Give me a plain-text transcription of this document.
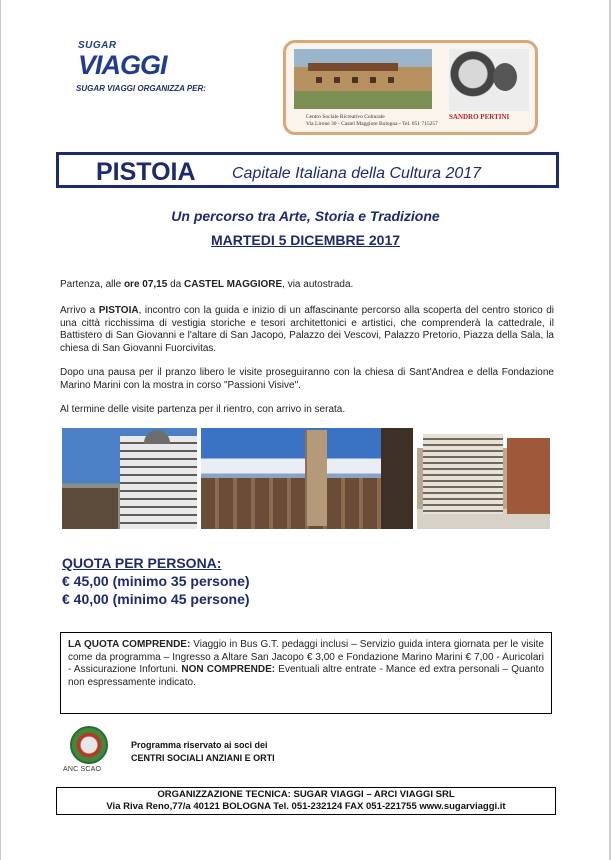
SUGAR
VIAGGI
SUGAR VIAGGI ORGANIZZA PER:
Centro Sociale Ricreativo Culturale
Via Lirone 30 - Castel Maggiore Bologna - Tel. 051 715257
SANDRO PERTINI
PISTOIA Capitale Italiana della Cultura 2017
Un percorso tra Arte, Storia e Tradizione
MARTEDI 5 DICEMBRE 2017
Partenza, alle ore 07,15 da CASTEL MAGGIORE, via autostrada.
Arrivo a PISTOIA, incontro con la guida e inizio di un affascinante percorso alla scoperta del centro storico di una città ricchissima di vestigia storiche e tesori architettonici e artistici, che comprenderà la cattedrale, il Battistero di San Giovanni e l'altare di San Jacopo, Palazzo dei Vescovi, Palazzo Pretorio, Piazza della Sala, la chiesa di San Giovanni Fuorcivitas.
Dopo una pausa per il pranzo libero le visite proseguiranno con la chiesa di Sant'Andrea e della Fondazione Marino Marini con la mostra in corso "Passioni Visive".
Al termine delle visite partenza per il rientro, con arrivo in serata.
QUOTA PER PERSONA:
€ 45,00 (minimo 35 persone)
€ 40,00 (minimo 45 persone)
LA QUOTA COMPRENDE: Viaggio in Bus G.T. pedaggi inclusi – Servizio guida intera giornata per le visite come da programma – Ingresso a Altare San Jacopo € 3,00 e Fondazione Marino Marini € 7,00 - Auricolari - Assicurazione Infortuni. NON COMPRENDE: Eventuali altre entrate - Mance ed extra personali – Quanto non espressamente indicato.
ANC SCAO
Programma riservato ai soci dei
CENTRI SOCIALI ANZIANI E ORTI
ORGANIZZAZIONE TECNICA: SUGAR VIAGGI – ARCI VIAGGI SRL
Via Riva Reno,77/a 40121 BOLOGNA Tel. 051-232124 FAX 051-221755 www.sugarviaggi.it
